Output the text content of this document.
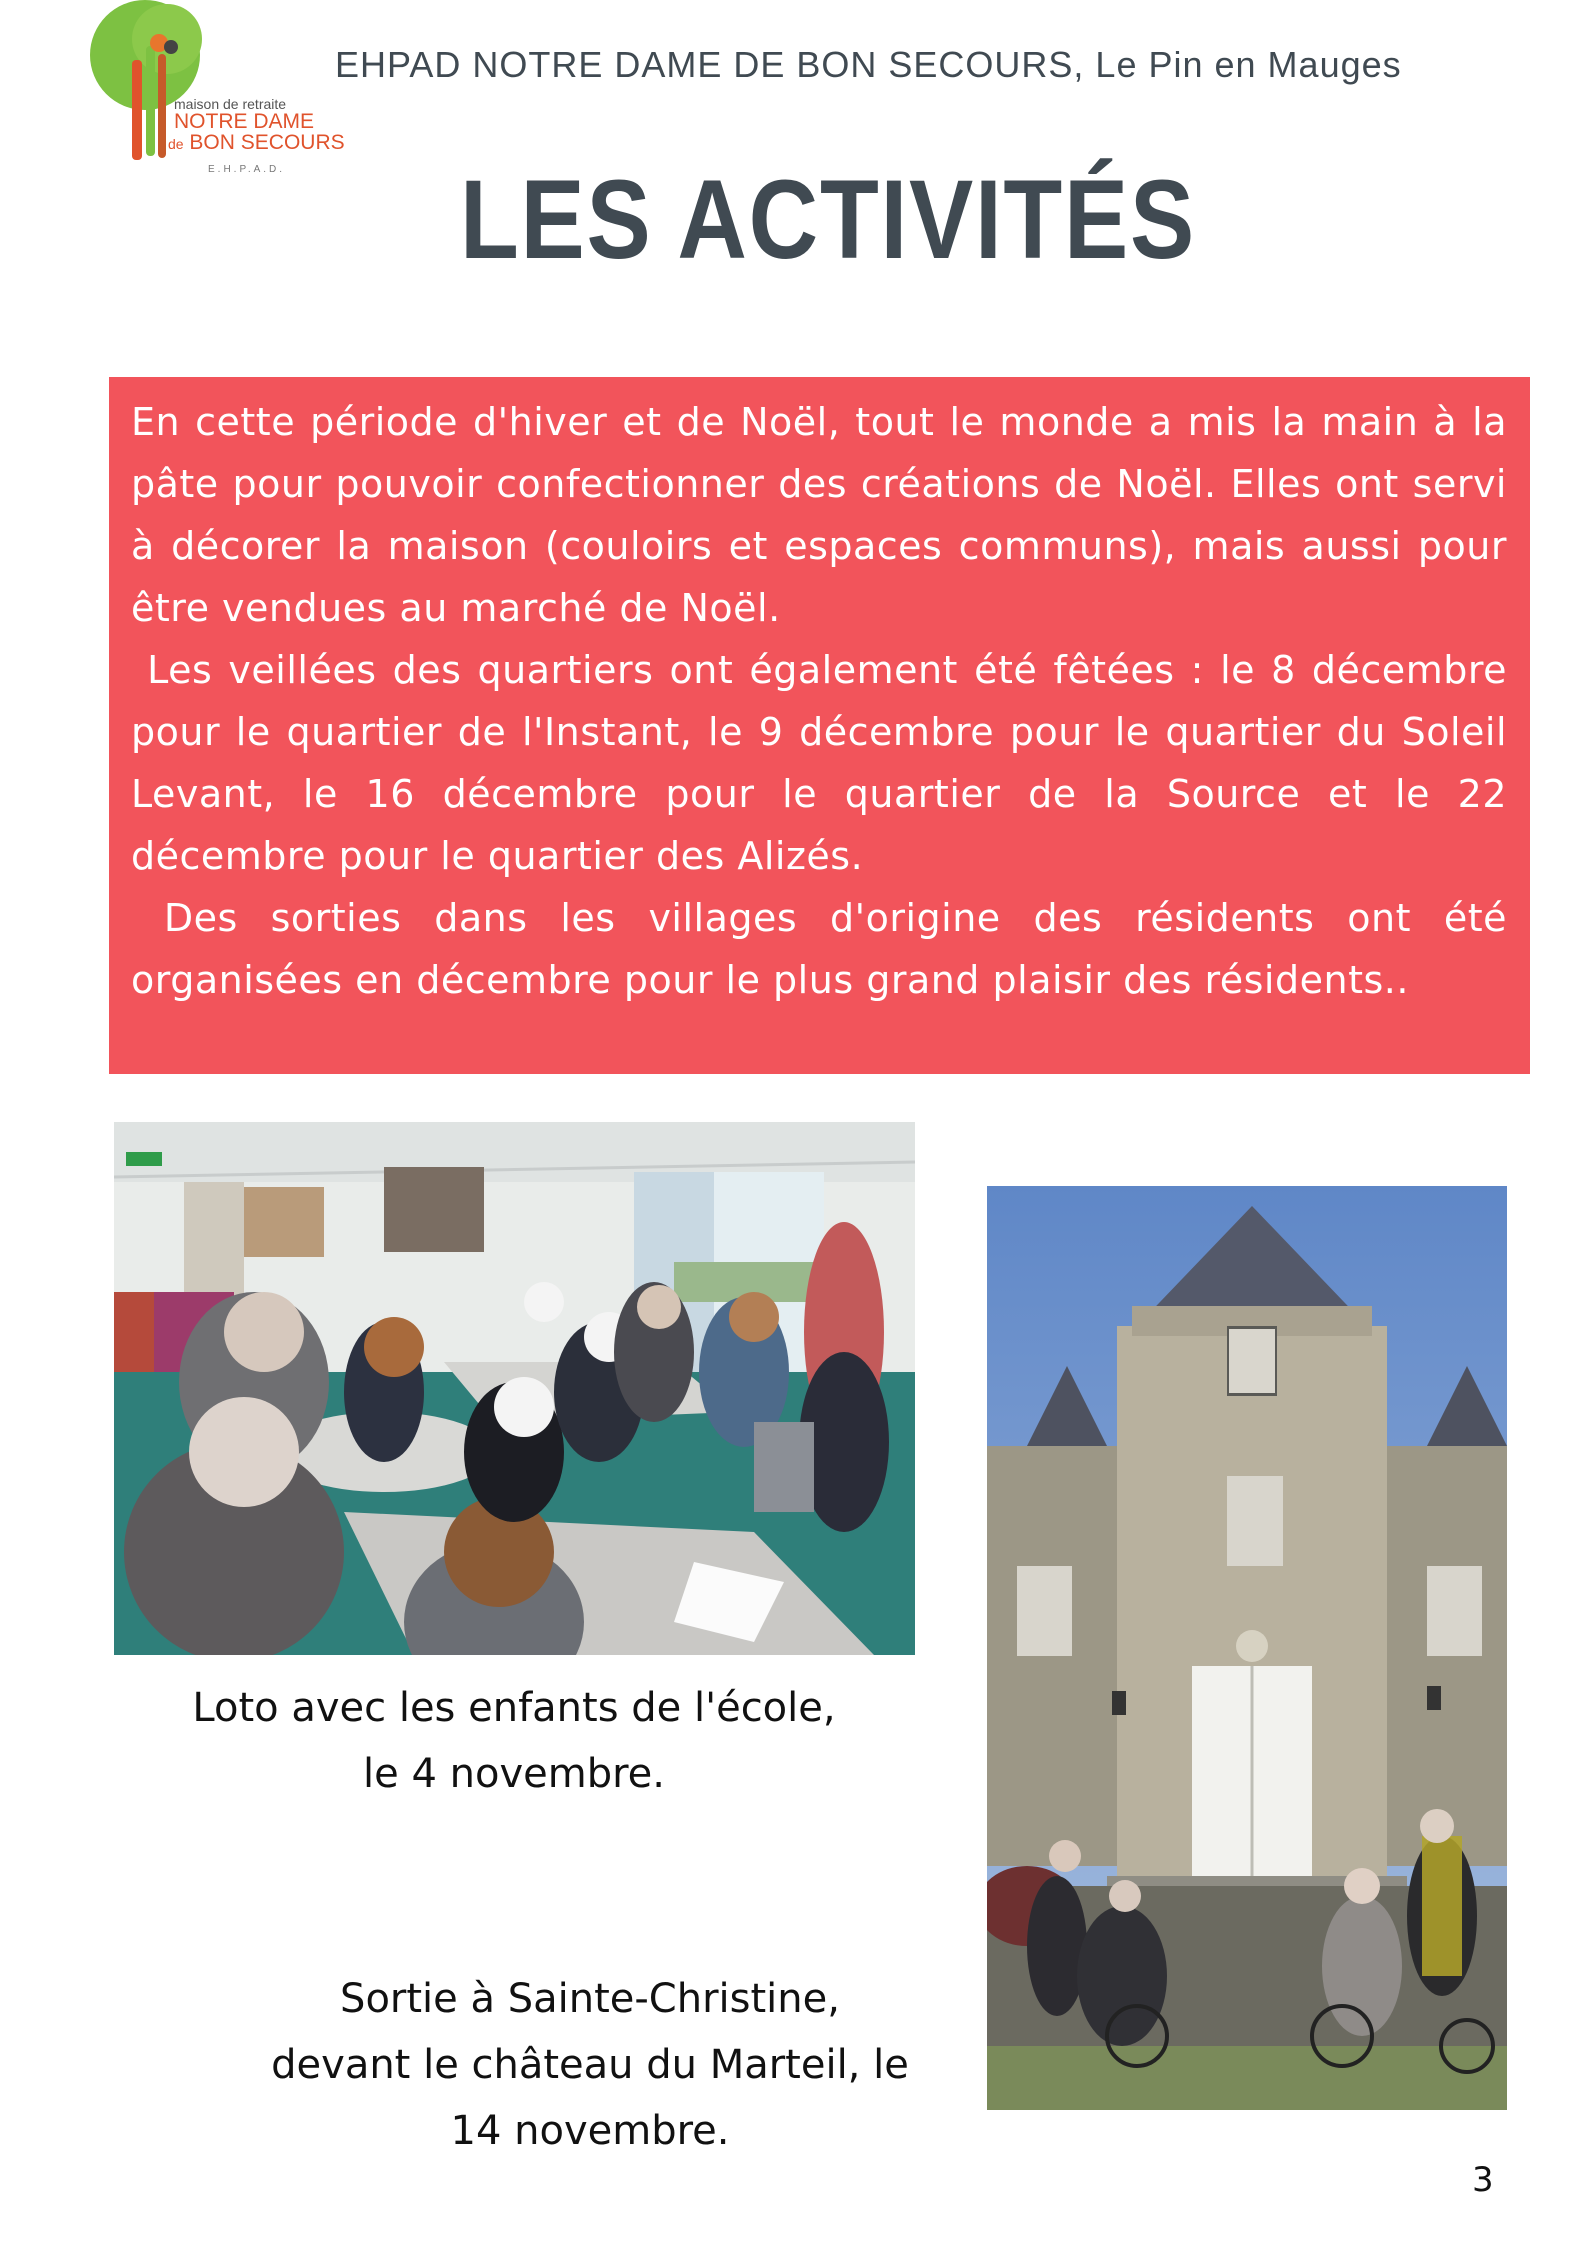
maison de retraite
NOTRE DAME
de BON SECOURS
E.H.P.A.D.
EHPAD NOTRE DAME DE BON SECOURS, Le Pin en Mauges
LES ACTIVITÉS

En cette période d'hiver et de Noël, tout le monde a mis la main à la pâte pour pouvoir confectionner des créations de Noël. Elles ont servi à décorer la maison (couloirs et espaces communs), mais aussi pour être vendues au marché de Noël.

Les veillées des quartiers ont également été fêtées : le 8 décembre pour le quartier de l'Instant, le 9 décembre pour le quartier du Soleil Levant, le 16 décembre pour le quartier de la Source et le 22 décembre pour le quartier des Alizés.

Des sorties dans les villages d'origine des résidents ont été organisées en décembre pour le plus grand plaisir des résidents..

Loto avec les enfants de l'école,
le 4 novembre.
Sortie à Sainte-Christine,
devant le château du Marteil, le
14 novembre.
3
